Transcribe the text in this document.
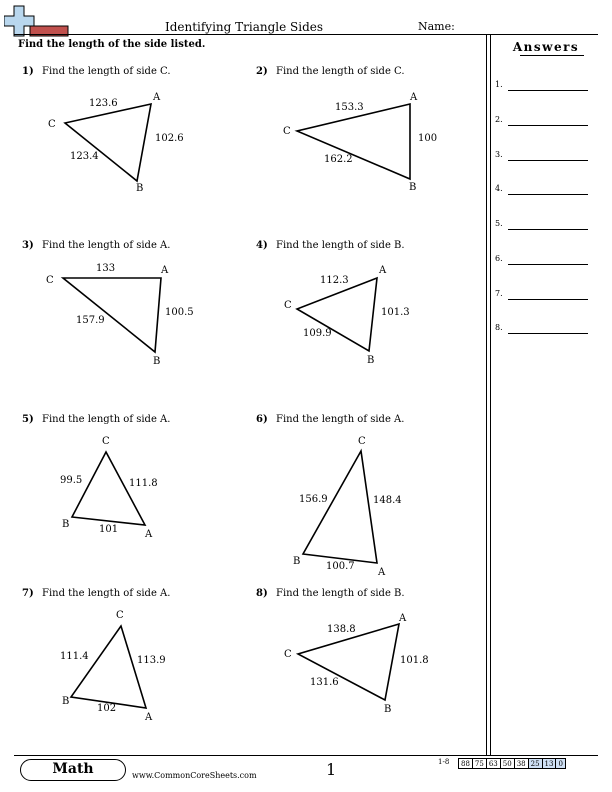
Identifying Triangle Sides	Name:
Find the length of the side listed.	Answers
1.
2.
3.
4.
5.
6.
7.
8.
1) Find the length of side C.	2) Find the length of side C.
3) Find the length of side A.	4) Find the length of side B.
5) Find the length of side A.	6) Find the length of side A.
7) Find the length of side A.	8) Find the length of side B.
A
B
C
123.6
102.6
123.4
A
B
C
153.3
100
162.2
A
B
C
133
100.5
157.9
A
B
C
112.3
101.3
109.9
C
B
A
99.5	111.8
101
C
B
A
156.9	148.4
100.7
C
B
A
111.4	113.9
102
A
C
B
138.8
101.8
131.6
Math	www.CommonCoreSheets.com	1	1-8 88	75	63	50	38	25	13	0
